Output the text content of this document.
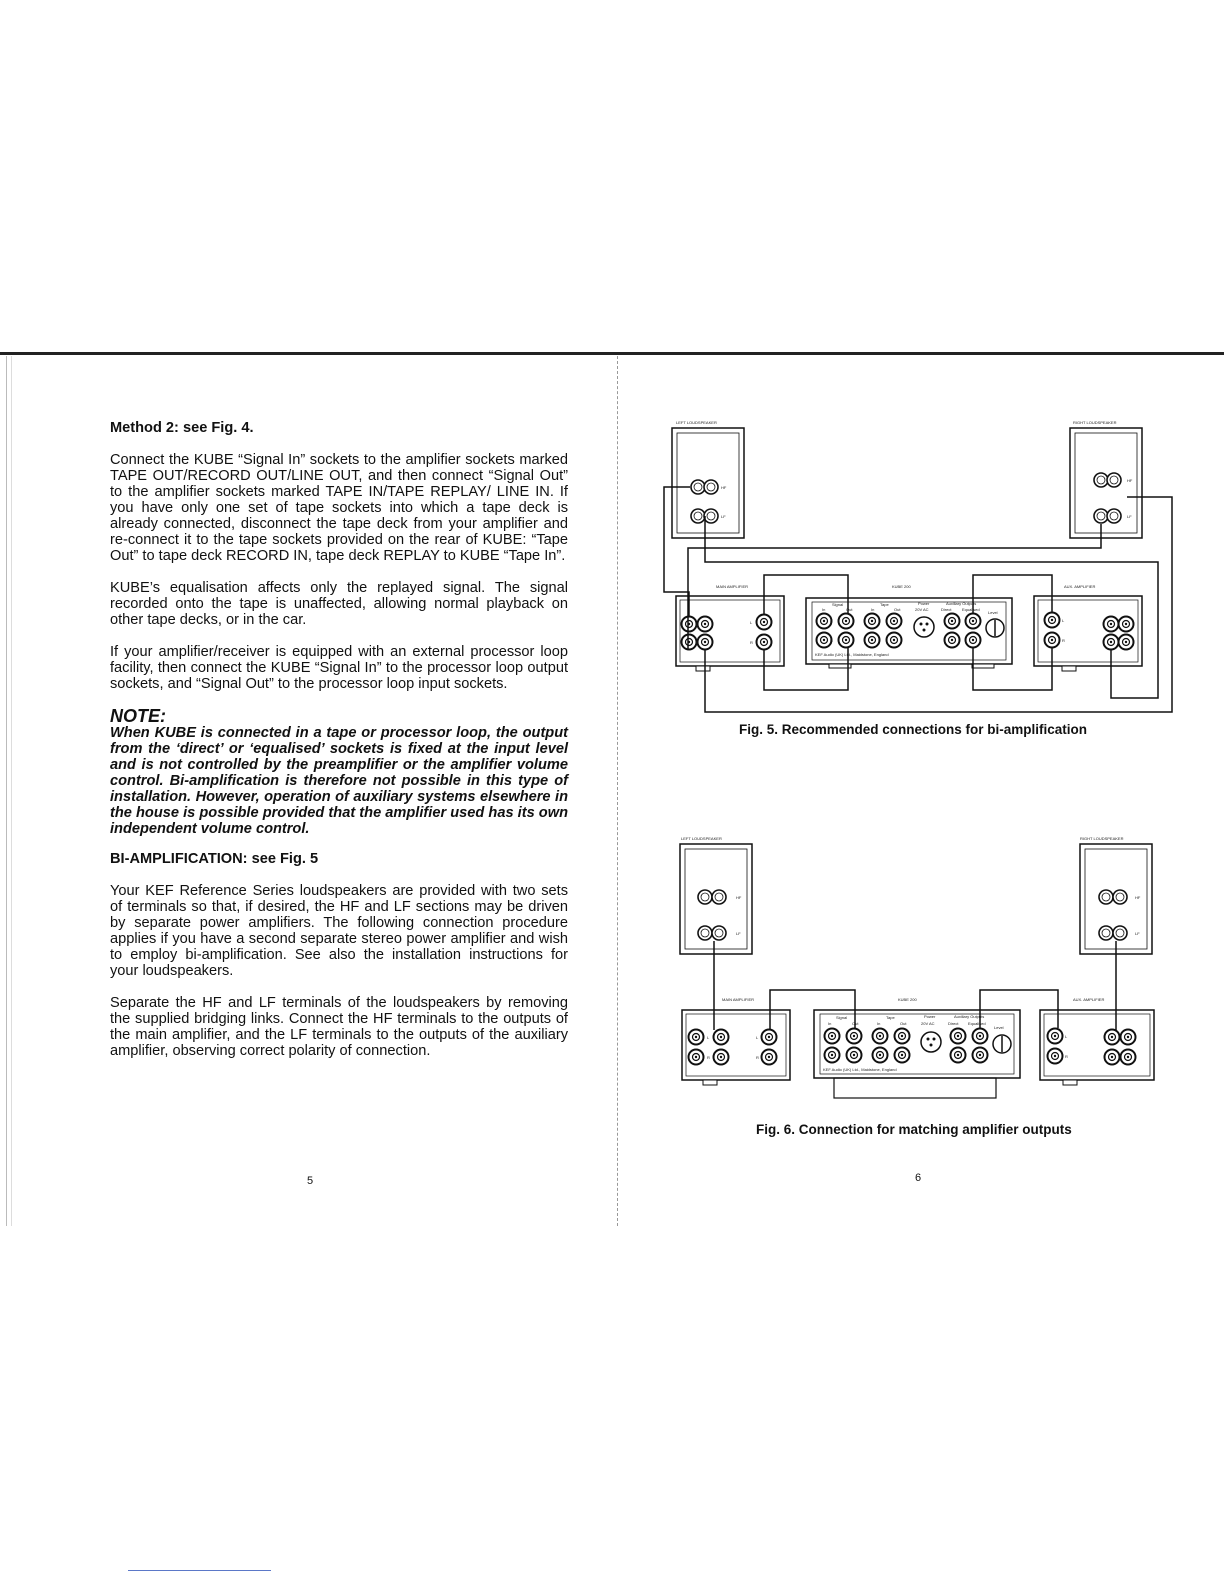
Method 2: see Fig. 4.

Connect the KUBE “Signal In” sockets to the amplifier sockets marked TAPE OUT/RECORD OUT/LINE OUT, and then connect “Signal Out” to the amplifier sockets marked TAPE IN/TAPE REPLAY/ LINE IN. If you have only one set of tape sockets into which a tape deck is already connected, disconnect the tape deck from your amplifier and re-connect it to the tape sockets provided on the rear of KUBE: “Tape Out” to tape deck RECORD IN, tape deck REPLAY to KUBE “Tape In”.

KUBE’s equalisation affects only the replayed signal. The signal recorded onto the tape is unaffected, allowing normal playback on other tape decks, or in the car.

If your amplifier/receiver is equipped with an external processor loop facility, then connect the KUBE “Signal In” to the processor loop output sockets, and “Signal Out” to the processor loop input sockets.

NOTE:
When KUBE is connected in a tape or processor loop, the output from the ‘direct’ or ‘equalised’ sockets is fixed at the input level and is not controlled by the preamplifier or the amplifier volume control. Bi-amplification is therefore not possible in this type of installation. However, operation of auxiliary systems elsewhere in the house is possible provided that the amplifier used has its own independent volume control.
BI-AMPLIFICATION: see Fig. 5

Your KEF Reference Series loudspeakers are provided with two sets of terminals so that, if desired, the HF and LF sections may be driven by separate power amplifiers. The following connection procedure applies if you have a second separate stereo power amplifier and wish to employ bi-amplification. See also the installation instructions for your loudspeakers.

Separate the HF and LF terminals of the loudspeakers by removing the supplied bridging links. Connect the HF terminals to the outputs of the main amplifier, and the LF terminals to the outputs of the auxiliary amplifier, observing correct polarity of connection.

5	6
Fig. 5. Recommended connections for bi-amplification
Fig. 6. Connection for matching amplifier outputs
LEFT LOUDSPEAKER	RIGHT LOUDSPEAKER
HF
LF
HF
LF
MAIN AMPLIFIER	KUBE 200	AUX. AMPLIFIER
L
R
L
R
Signal	Tape	Power	Auxiliary Outputs
In	Out	In	Out	20V AC	Direct	Equalised
Level
L
R
KEF Audio (UK) Ltd., Maidstone, England
L
R
LEFT LOUDSPEAKER	RIGHT LOUDSPEAKER
HF
LF
HF
LF
MAIN AMPLIFIER	KUBE 200	AUX. AMPLIFIER
L
R
L
R
Signal	Tape	Power	Auxiliary Outputs
In	Out	In	Out	20V AC	Direct Equalised
Level
KEF Audio (UK) Ltd., Maidstone, England
L
R
